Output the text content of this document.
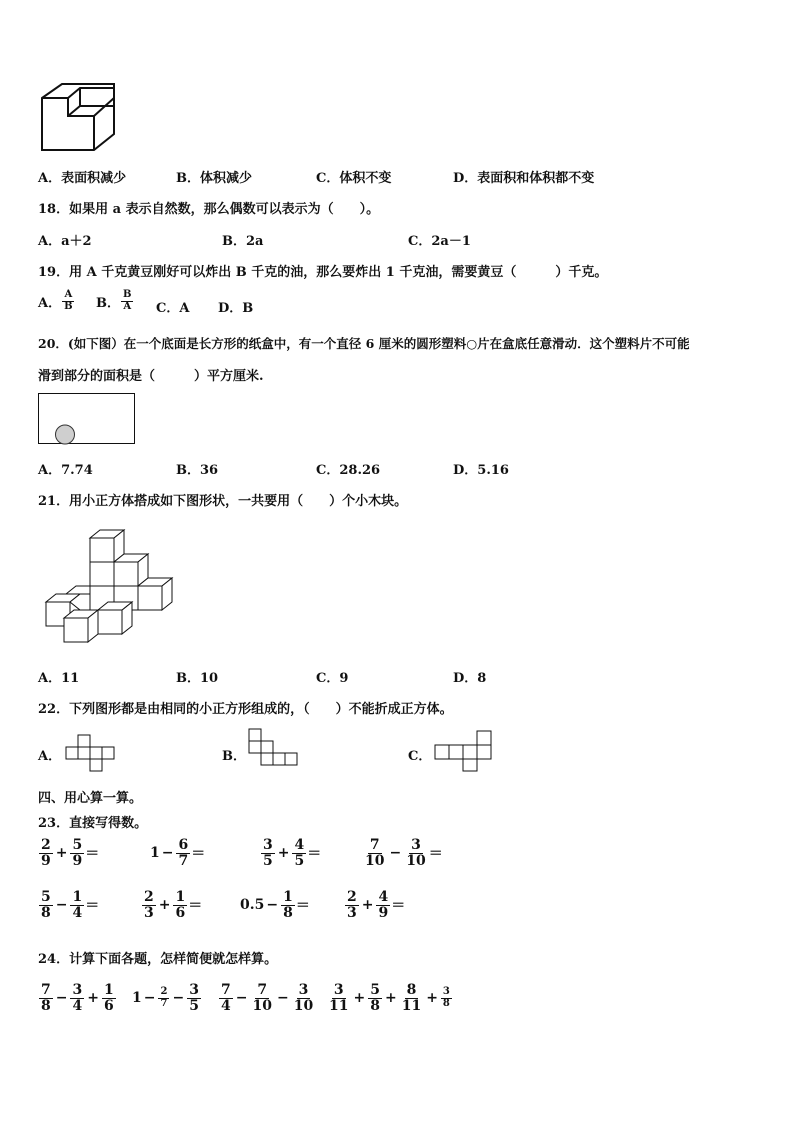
A．表面积减少	B．体积减少	C．体积不变	D．表面积和体积都不变
18．如果用 a 表示自然数，那么偶数可以表示为（　　）。
A．a＋2	B．2a	C．2a－1
19．用 A 千克黄豆刚好可以炸出 B 千克的油，那么要炸出 1 千克油，需要黄豆（　　　）千克。
A． $\frac{A}{B}$ B． $\frac{B}{A}$ C．A D．B
20．(如下图）在一个底面是长方形的纸盒中，有一个直径 6 厘米的圆形塑料○片在盒底任意滑动．这个塑料片不可能
滑到部分的面积是（　　　）平方厘米.
A．7.74	B．36	C．28.26	D．5.16
21．用小正方体搭成如下图形状，一共要用（　　）个小木块。
A．11	B．10	C．9	D．8
22．下列图形都是由相同的小正方形组成的，（　　）不能折成正方体。
A．	B．	C．
四、用心算一算。
23．直接写得数。
$\frac{2}{9} + \frac{5}{9}$ ＝	$1 - \frac{6}{7}$ ＝	$\frac{3}{5} + \frac{4}{5}$ ＝	$\frac{7}{10} - \frac{3}{10}$ ＝
$\frac{5}{8} - \frac{1}{4}$ ＝	$\frac{2}{3} + \frac{1}{6}$ ＝	$0.5 - \frac{1}{8}$ ＝	$\frac{2}{3} + \frac{4}{9}$ ＝
24．计算下面各题，怎样简便就怎样算。
$\frac{7}{8} - \frac{3}{4} + \frac{1}{6} 1 - \frac{2}{7} - \frac{3}{5} \frac{7}{4} - \frac{7}{10} - \frac{3}{10} \frac{3}{11} + \frac{5}{8} + \frac{8}{11} + \frac{3}{8}$
